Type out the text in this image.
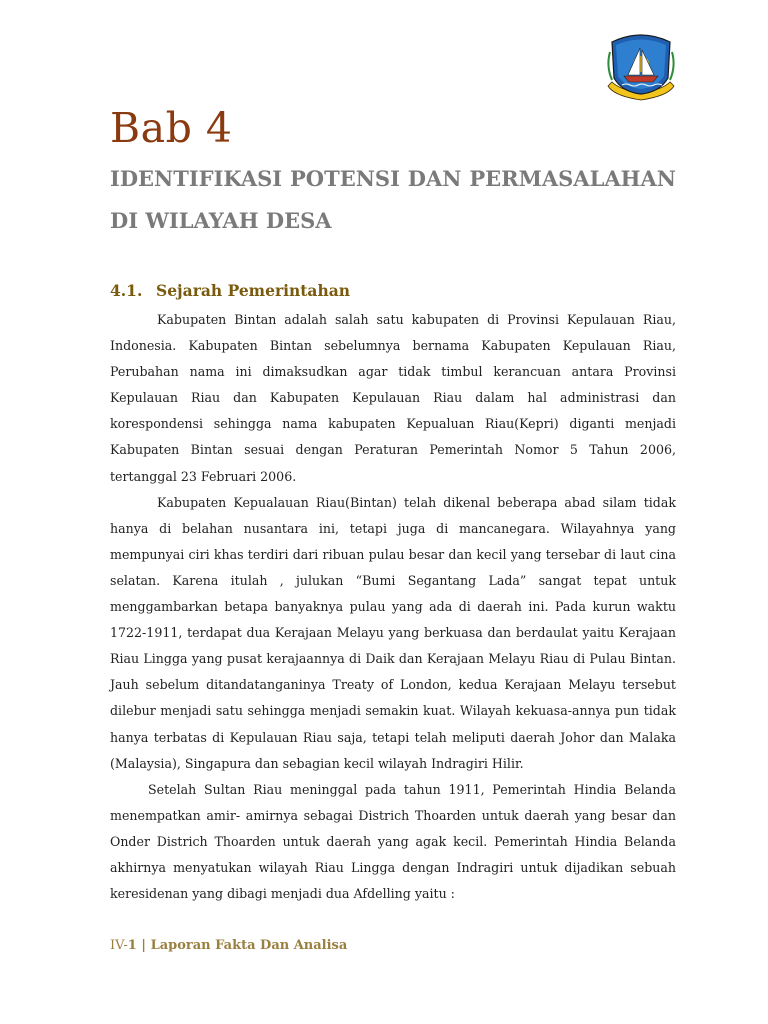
Bab 4
IDENTIFIKASI POTENSI DAN PERMASALAHAN
DI WILAYAH DESA
4.1. Sejarah Pemerintahan

Kabupaten Bintan adalah salah satu kabupaten di Provinsi Kepulauan Riau, Indonesia. Kabupaten Bintan sebelumnya bernama Kabupaten Kepulauan Riau, Perubahan nama ini dimaksudkan agar tidak timbul kerancuan antara Provinsi Kepulauan Riau dan Kabupaten Kepulauan Riau dalam hal administrasi dan korespondensi sehingga nama kabupaten Kepualuan Riau(Kepri) diganti menjadi Kabupaten Bintan sesuai dengan Peraturan Pemerintah Nomor 5 Tahun 2006, tertanggal 23 Februari 2006.

Kabupaten Kepualauan Riau(Bintan) telah dikenal beberapa abad silam tidak hanya di belahan nusantara ini, tetapi juga di mancanegara. Wilayahnya yang mempunyai ciri khas terdiri dari ribuan pulau besar dan kecil yang tersebar di laut cina selatan. Karena itulah , julukan “Bumi Segantang Lada” sangat tepat untuk menggambarkan betapa banyaknya pulau yang ada di daerah ini. Pada kurun waktu 1722-1911, terdapat dua Kerajaan Melayu yang berkuasa dan berdaulat yaitu Kerajaan Riau Lingga yang pusat kerajaannya di Daik dan Kerajaan Melayu Riau di Pulau Bintan. Jauh sebelum ditandatanganinya Treaty of London, kedua Kerajaan Melayu tersebut dilebur menjadi satu sehingga menjadi semakin kuat. Wilayah kekuasa-annya pun tidak hanya terbatas di Kepulauan Riau saja, tetapi telah meliputi daerah Johor dan Malaka (Malaysia), Singapura dan sebagian kecil wilayah Indragiri Hilir.

Setelah Sultan Riau meninggal pada tahun 1911, Pemerintah Hindia Belanda menempatkan amir- amirnya sebagai Districh Thoarden untuk daerah yang besar dan Onder Districh Thoarden untuk daerah yang agak kecil. Pemerintah Hindia Belanda akhirnya menyatukan wilayah Riau Lingga dengan Indragiri untuk dijadikan sebuah keresidenan yang dibagi menjadi dua Afdelling yaitu :

IV-1 | Laporan Fakta Dan Analisa
